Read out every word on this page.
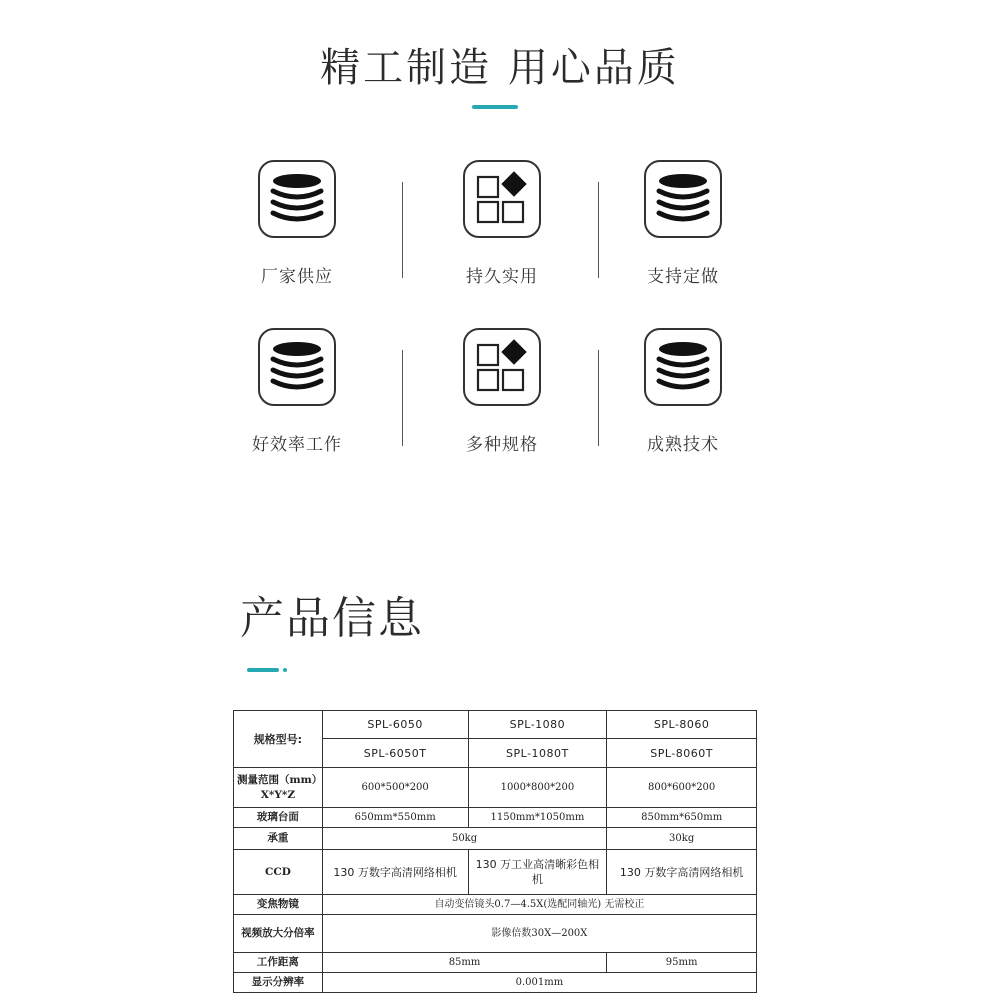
精工制造 用心品质
厂家供应	持久实用	支持定做
好效率工作	多种规格	成熟技术
产品信息
规格型号:	SPL-6050	SPL-1080	SPL-8060
	SPL-6050T	SPL-1080T	SPL-8060T

测量范围（mm）
X*Y*Z	600*500*200	1000*800*200	800*600*200
玻璃台面	650mm*550mm	1150mm*1050mm	850mm*650mm
承重	50kg		30kg
CCD	130 万数字高清网络相机	130 万工业高清晰彩色相机	130 万数字高清网络相机
变焦物镜	自动变倍镜头0.7—4.5X(选配同轴光) 无需校正		
视频放大分倍率	影像倍数30X—200X		
工作距离	85mm		95mm
显示分辨率	0.001mm		
